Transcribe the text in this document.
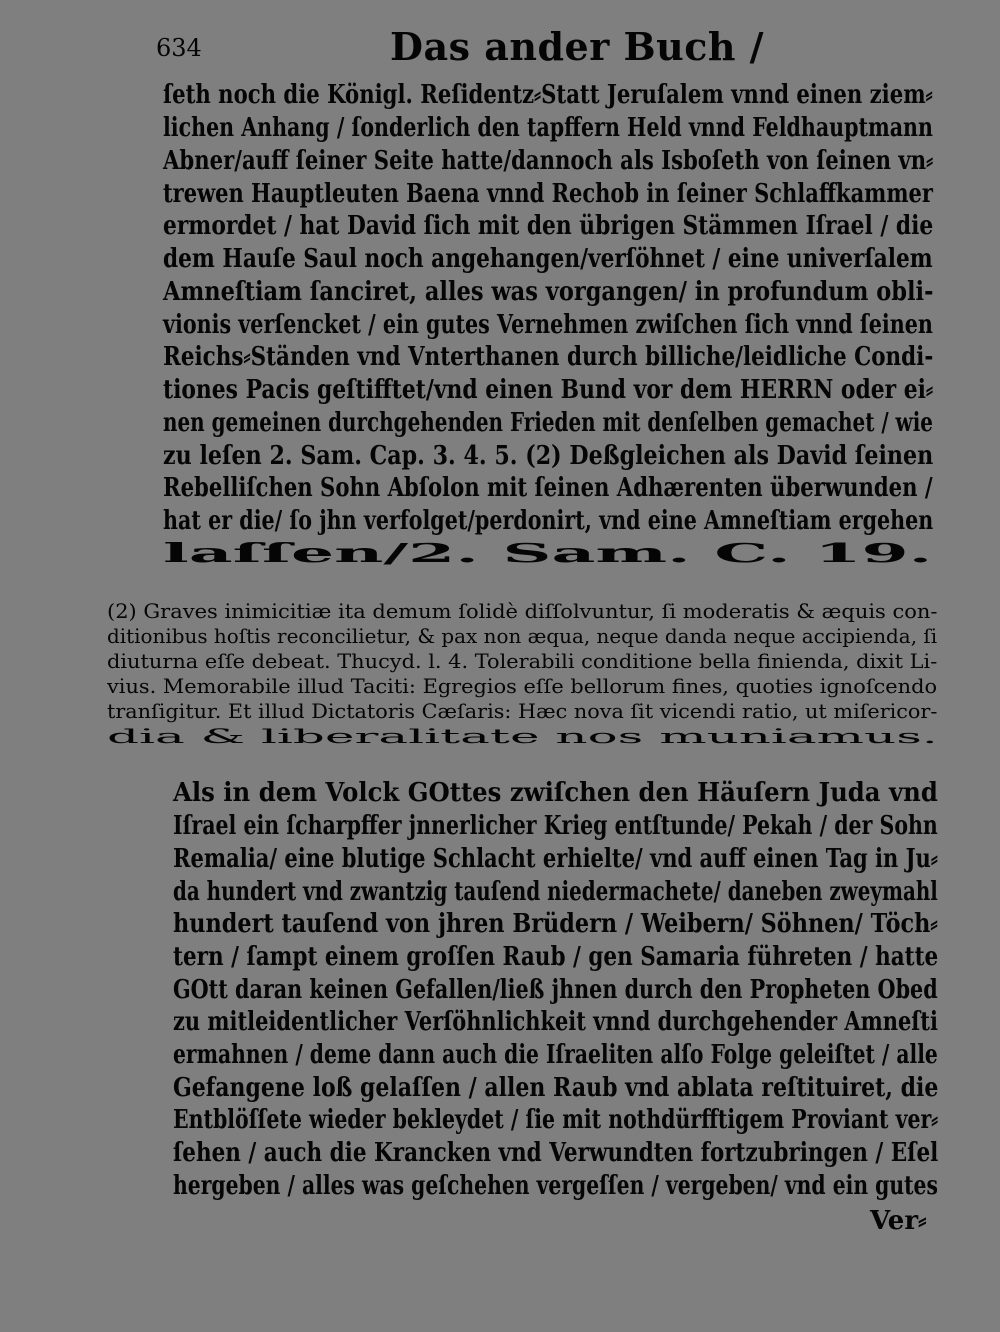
634	Das ander Buch /
ſeth noch die Königl. Reſidentz⸗Statt Jeruſalem vnnd einen ziem⸗
lichen Anhang / ſonderlich den tapffern Held vnnd Feldhauptmann
Abner/auff ſeiner Seite hatte/dannoch als Isboſeth von ſeinen vn⸗
trewen Hauptleuten Baena vnnd Rechob in ſeiner Schlaffkammer
ermordet / hat David ſich mit den übrigen Stämmen Iſrael / die
dem Hauſe Saul noch angehangen/verſöhnet / eine univerſalem
Amneſtiam ſanciret, alles was vorgangen/ in profundum obli-
vionis verſencket / ein gutes Vernehmen zwiſchen ſich vnnd ſeinen
Reichs⸗Ständen vnd Vnterthanen durch billiche/leidliche Condi-
tiones Pacis geſtifftet/vnd einen Bund vor dem HERRN oder ei⸗
nen gemeinen durchgehenden Frieden mit denſelben gemachet / wie
zu leſen 2. Sam. Cap. 3. 4. 5. (2) Deßgleichen als David ſeinen
Rebelliſchen Sohn Abſolon mit ſeinen Adhærenten überwunden /
hat er die/ ſo jhn verfolget/perdonirt, vnd eine Amneſtiam ergehen
laſſen/2. Sam. C. 19.
(2) Graves inimicitiæ ita demum ſolidè diſſolvuntur, ſi moderatis & æquis con-
ditionibus hoſtis reconcilietur, & pax non æqua, neque danda neque accipienda, ſi
diuturna eſſe debeat. Thucyd. l. 4. Tolerabili conditione bella finienda, dixit Li-
vius. Memorabile illud Taciti: Egregios eſſe bellorum fines, quoties ignoſcendo
tranſigitur. Et illud Dictatoris Cæſaris: Hæc nova ſit vicendi ratio, ut miſericor-
dia & liberalitate nos muniamus.
Als in dem Volck GOttes zwiſchen den Häuſern Juda vnd
Iſrael ein ſcharpffer jnnerlicher Krieg entſtunde/ Pekah / der Sohn
Remalia/ eine blutige Schlacht erhielte/ vnd auff einen Tag in Ju⸗
da hundert vnd zwantzig tauſend niedermachete/ daneben zweymahl
hundert tauſend von jhren Brüdern / Weibern/ Söhnen/ Töch⸗
tern / ſampt einem groſſen Raub / gen Samaria führeten / hatte
GOtt daran keinen Gefallen/ließ jhnen durch den Propheten Obed
zu mitleidentlicher Verſöhnlichkeit vnnd durchgehender Amneſti
ermahnen / deme dann auch die Iſraeliten alſo Folge geleiſtet / alle
Gefangene loß gelaſſen / allen Raub vnd ablata reſtituiret, die
Entblöſſete wieder bekleydet / ſie mit nothdürfftigem Proviant ver⸗
ſehen / auch die Krancken vnd Verwundten fortzubringen / Eſel
hergeben / alles was geſchehen vergeſſen / vergeben/ vnd ein gutes
Ver⸗
